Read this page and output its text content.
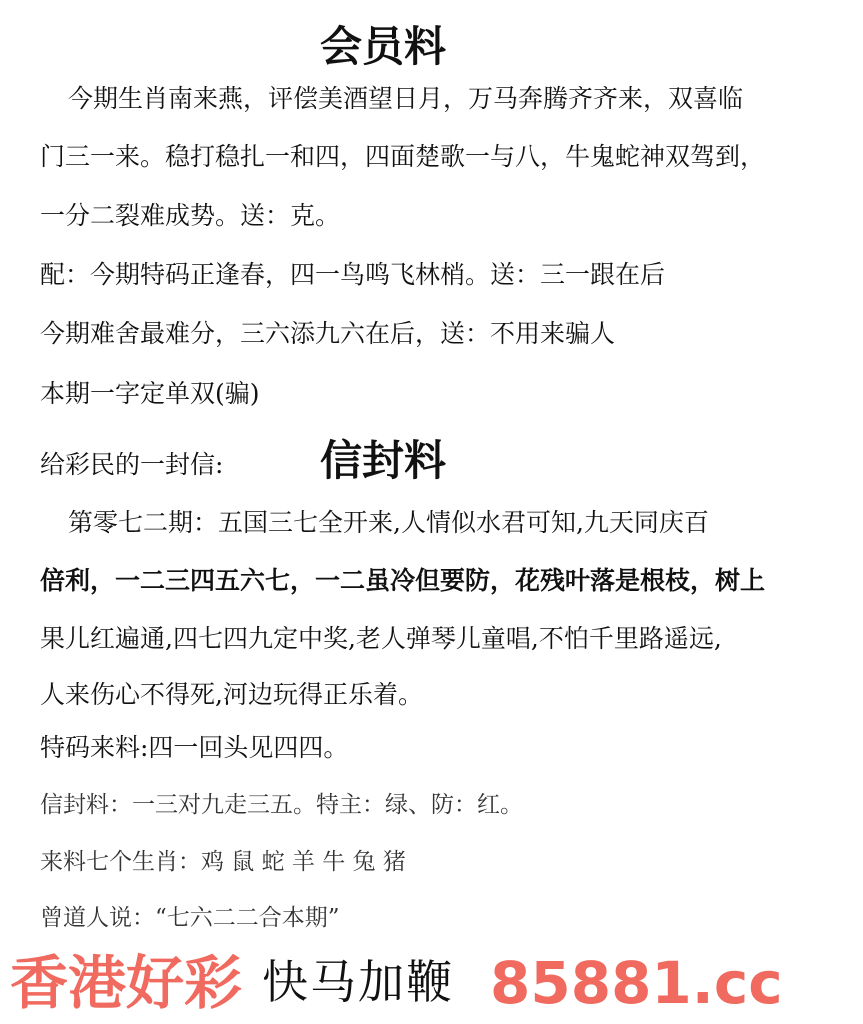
会员料
今期生肖南来燕，评偿美酒望日月，万马奔腾齐齐来，双喜临
门三一来。稳打稳扎一和四，四面楚歌一与八，牛鬼蛇神双驾到，
一分二裂难成势。送：克。
配：今期特码正逢春，四一鸟鸣飞林梢。送：三一跟在后
今期难舍最难分，三六添九六在后，送：不用来骗人
本期一字定单双(骗)
给彩民的一封信: 信封料
第零七二期：五国三七全开来,人情似水君可知,九天同庆百
倍利，一二三四五六七，一二虽冷但要防，花残叶落是根枝，树上
果儿红遍通,四七四九定中奖,老人弹琴儿童唱,不怕千里路遥远,
人来伤心不得死,河边玩得正乐着。
特码来料:四一回头见四四。
信封料：一三对九走三五。特主：绿、防：红。
来料七个生肖：鸡 鼠 蛇 羊 牛 兔 猪
曾道人说：“七六二二合本期”
香港好彩 快马加鞭 85881.cc
